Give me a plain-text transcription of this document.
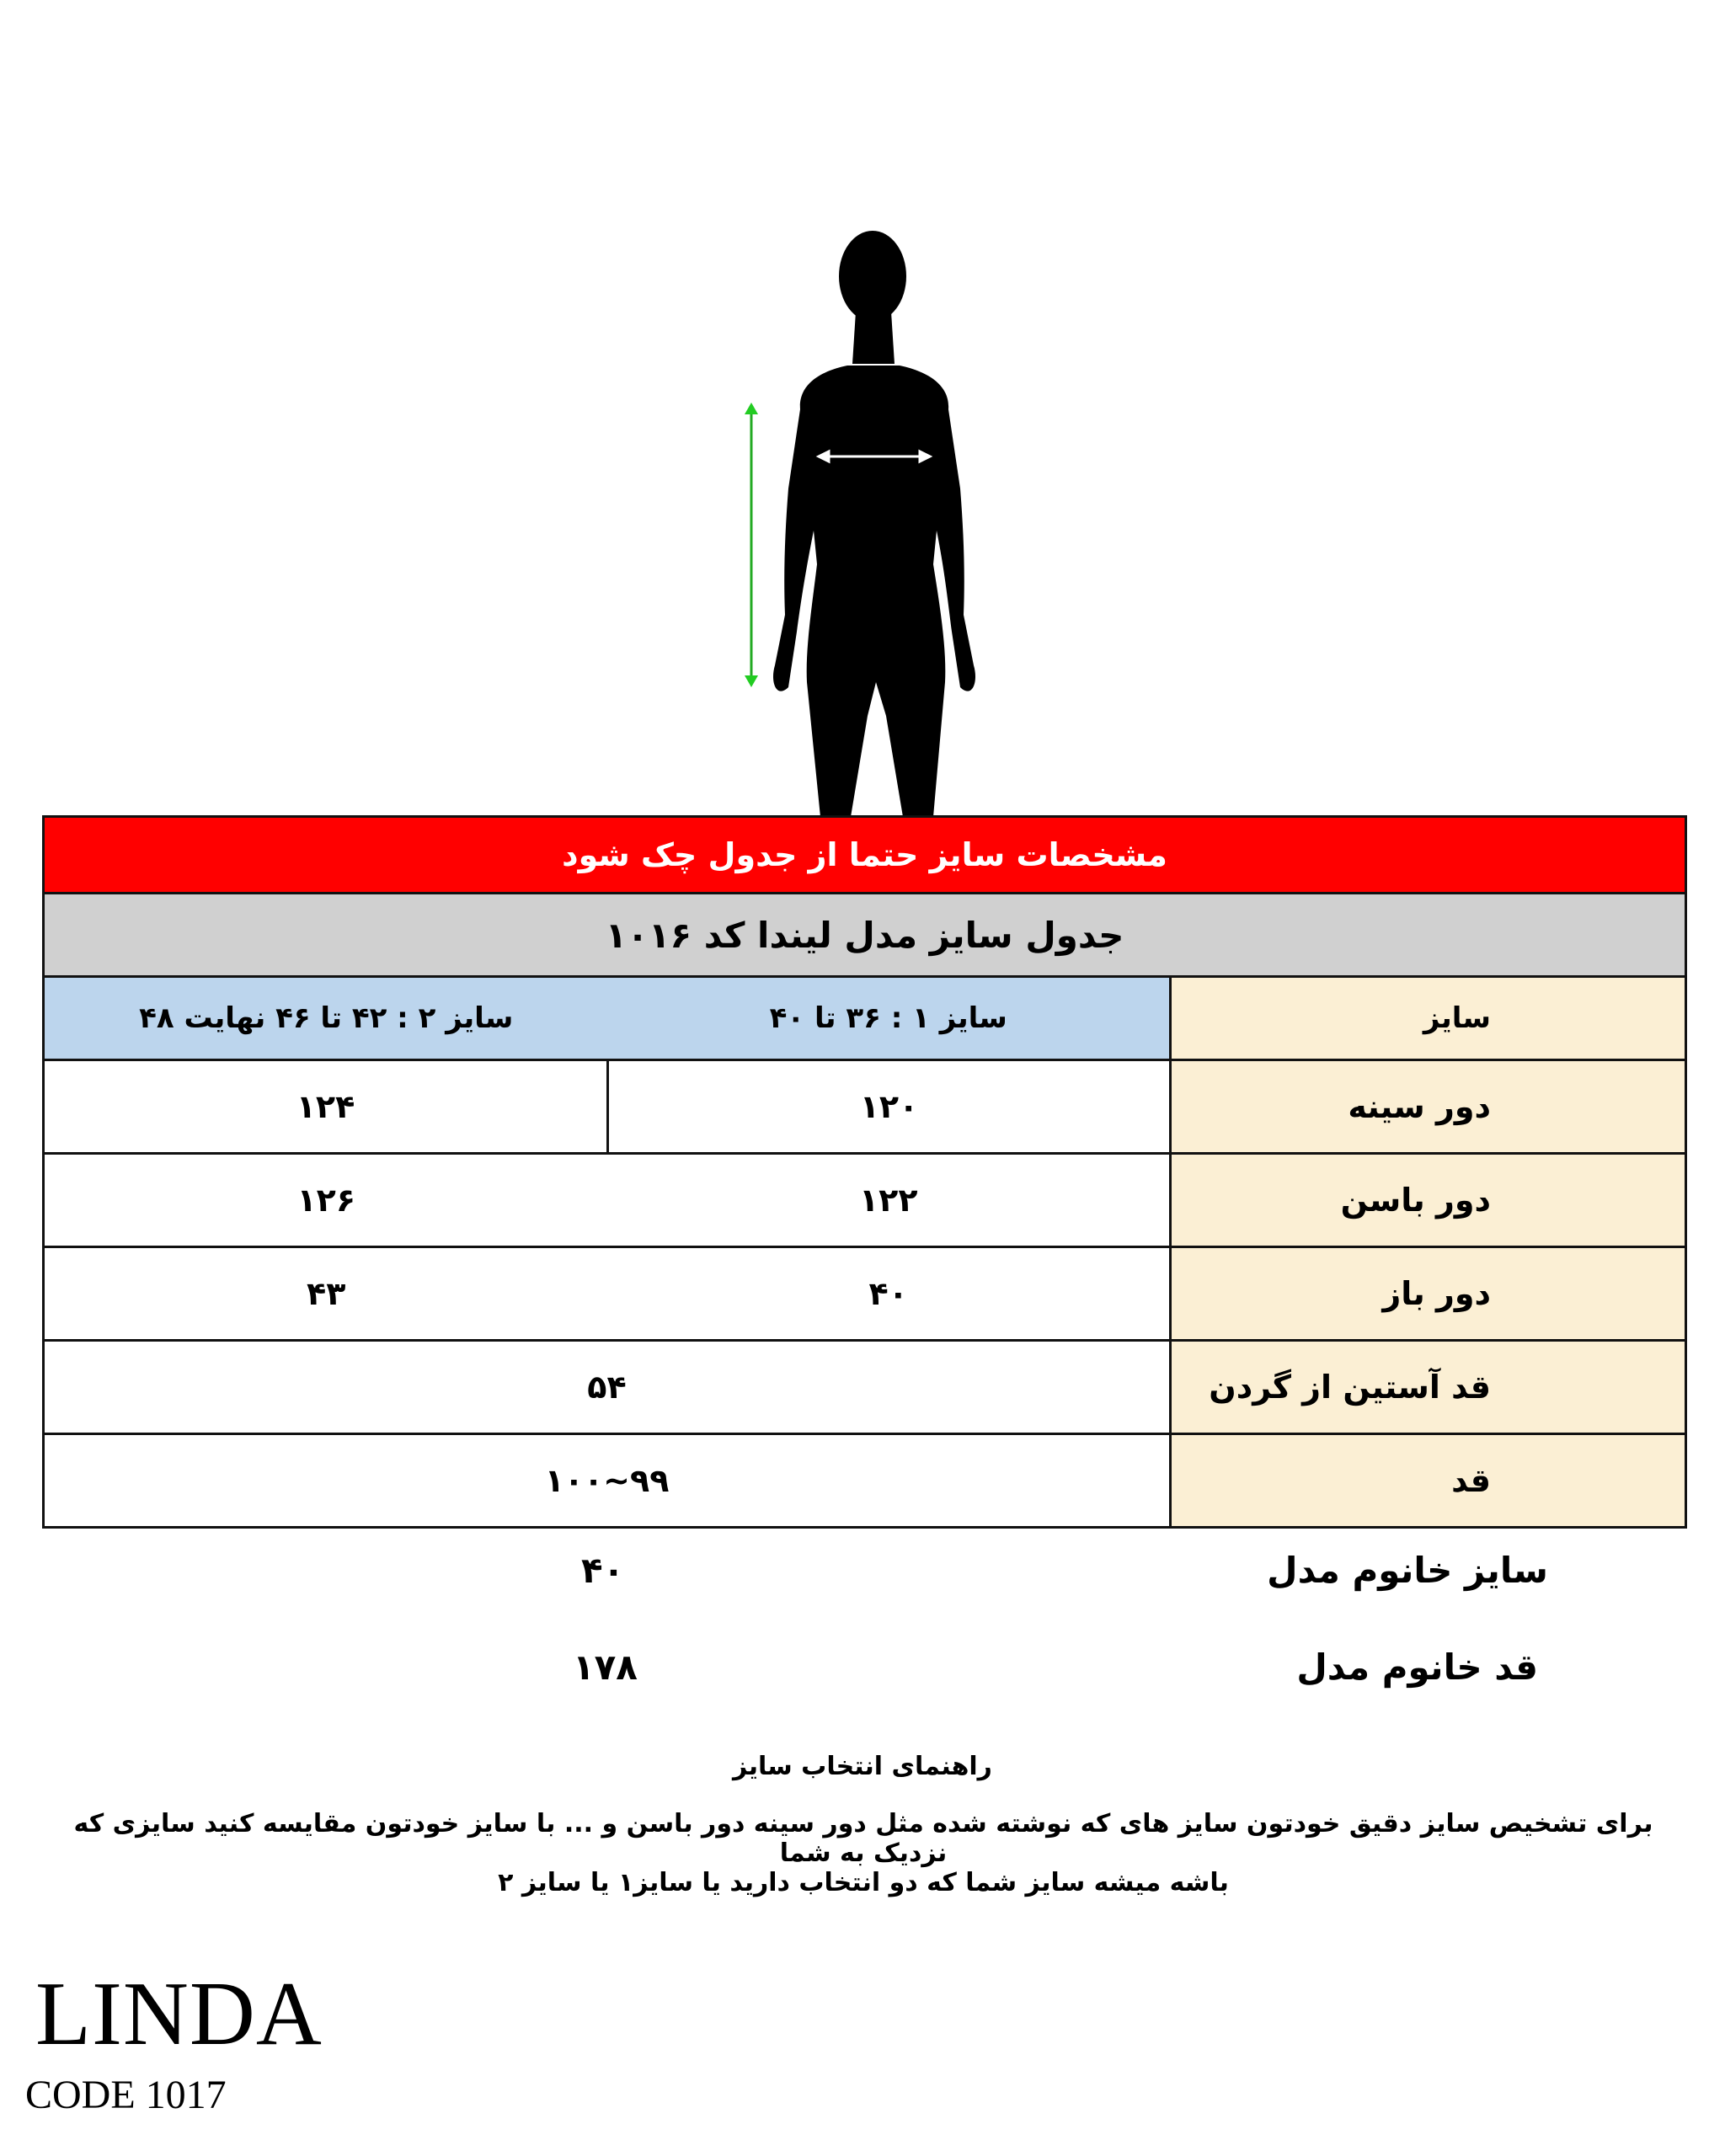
مشخصات سایز حتما از جدول چک شود		
جدول سایز مدل لیندا کد ۱۰۱۶		
سایز	سایز ۱ : ۳۶ تا ۴۰	سایز ۲ : ۴۲ تا ۴۶ نهایت ۴۸
دور سینه	۱۲۰	۱۲۴
دور باسن	۱۲۲	۱۲۶
دور باز	۴۰	۴۳
قد آستین از گردن	۵۴	
قد	۹۹~۱۰۰	
سایز خانوم مدل
۴۰
قد خانوم مدل
۱۷۸
راهنمای انتخاب سایز
برای تشخیص سایز دقیق خودتون سایز های که نوشته شده مثل دور سینه دور باسن و ... با سایز خودتون مقایسه کنید سایزی که نزدیک به شما
باشه میشه سایز شما که دو انتخاب دارید یا سایز۱ یا سایز ۲
LINDA
CODE 1017
